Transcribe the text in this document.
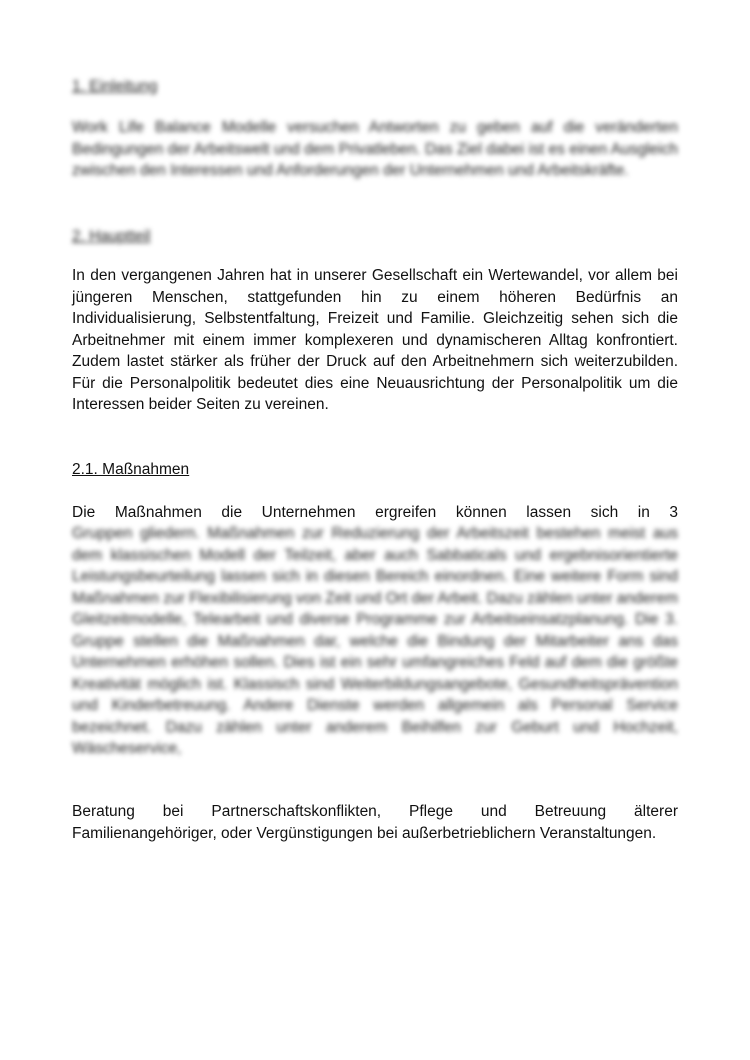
1. Einleitung
Work Life Balance Modelle versuchen Antworten zu geben auf die veränderten Bedingungen der Arbeitswelt und dem Privatleben. Das Ziel dabei ist es einen Ausgleich zwischen den Interessen und Anforderungen der Unternehmen und Arbeitskräfte.
2. Hauptteil
In den vergangenen Jahren hat in unserer Gesellschaft ein Wertewandel, vor allem bei jüngeren Menschen, stattgefunden hin zu einem höheren Bedürfnis an Individualisierung, Selbstentfaltung, Freizeit und Familie. Gleichzeitig sehen sich die Arbeitnehmer mit einem immer komplexeren und dynamischeren Alltag konfrontiert. Zudem lastet stärker als früher der Druck auf den Arbeitnehmern sich weiterzubilden. Für die Personalpolitik bedeutet dies eine Neuausrichtung der Personalpolitik um die Interessen beider Seiten zu vereinen.
2.1. Maßnahmen
Die Maßnahmen die Unternehmen ergreifen können lassen sich in 3
Gruppen gliedern. Maßnahmen zur Reduzierung der Arbeitszeit bestehen meist aus dem klassischen Modell der Teilzeit, aber auch Sabbaticals und ergebnisorientierte Leistungsbeurteilung lassen sich in diesen Bereich einordnen. Eine weitere Form sind Maßnahmen zur Flexibilisierung von Zeit und Ort der Arbeit. Dazu zählen unter anderem Gleitzeitmodelle, Telearbeit und diverse Programme zur Arbeitseinsatzplanung. Die 3. Gruppe stellen die Maßnahmen dar, welche die Bindung der Mitarbeiter ans das Unternehmen erhöhen sollen. Dies ist ein sehr umfangreiches Feld auf dem die größte Kreativität möglich ist. Klassisch sind Weiterbildungsangebote, Gesundheitsprävention und Kinderbetreuung. Andere Dienste werden allgemein als Personal Service bezeichnet. Dazu zählen unter anderem Beihilfen zur Geburt und Hochzeit, Wäscheservice,
Beratung bei Partnerschaftskonflikten, Pflege und Betreuung älterer Familienangehöriger, oder Vergünstigungen bei außerbetrieblichern Veranstaltungen.
